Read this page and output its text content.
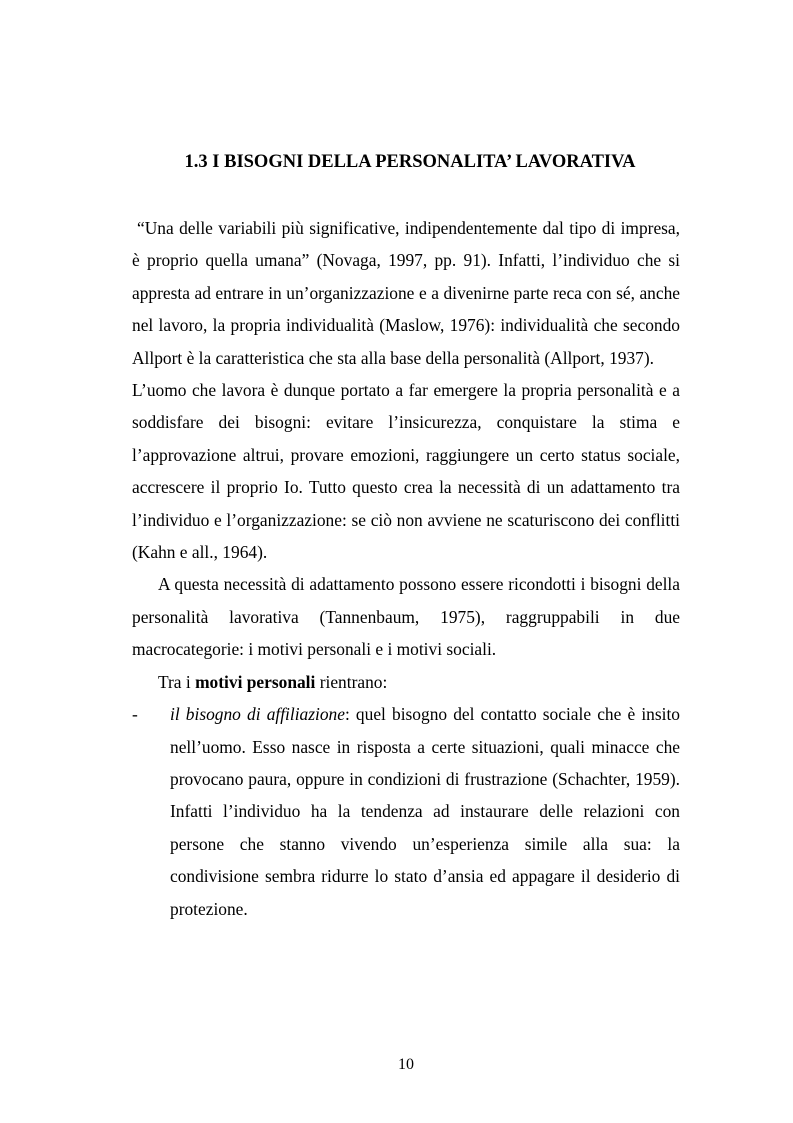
1.3 I BISOGNI DELLA PERSONALITA’ LAVORATIVA

“Una delle variabili più significative, indipendentemente dal tipo di impresa, è proprio quella umana” (Novaga, 1997, pp. 91). Infatti, l’individuo che si appresta ad entrare in un’organizzazione e a divenirne parte reca con sé, anche nel lavoro, la propria individualità (Maslow, 1976): individualità che secondo Allport è la caratteristica che sta alla base della personalità (Allport, 1937).

L’uomo che lavora è dunque portato a far emergere la propria personalità e a soddisfare dei bisogni: evitare l’insicurezza, conquistare la stima e l’approvazione altrui, provare emozioni, raggiungere un certo status sociale, accrescere il proprio Io. Tutto questo crea la necessità di un adattamento tra l’individuo e l’organizzazione: se ciò non avviene ne scaturiscono dei conflitti (Kahn e all., 1964).

A questa necessità di adattamento possono essere ricondotti i bisogni della personalità lavorativa (Tannenbaum, 1975), raggruppabili in due macrocategorie: i motivi personali e i motivi sociali.

Tra i motivi personali rientrano:

- il bisogno di affiliazione: quel bisogno del contatto sociale che è insito nell’uomo. Esso nasce in risposta a certe situazioni, quali minacce che provocano paura, oppure in condizioni di frustrazione (Schachter, 1959). Infatti l’individuo ha la tendenza ad instaurare delle relazioni con persone che stanno vivendo un’esperienza simile alla sua: la condivisione sembra ridurre lo stato d’ansia ed appagare il desiderio di protezione.

10
